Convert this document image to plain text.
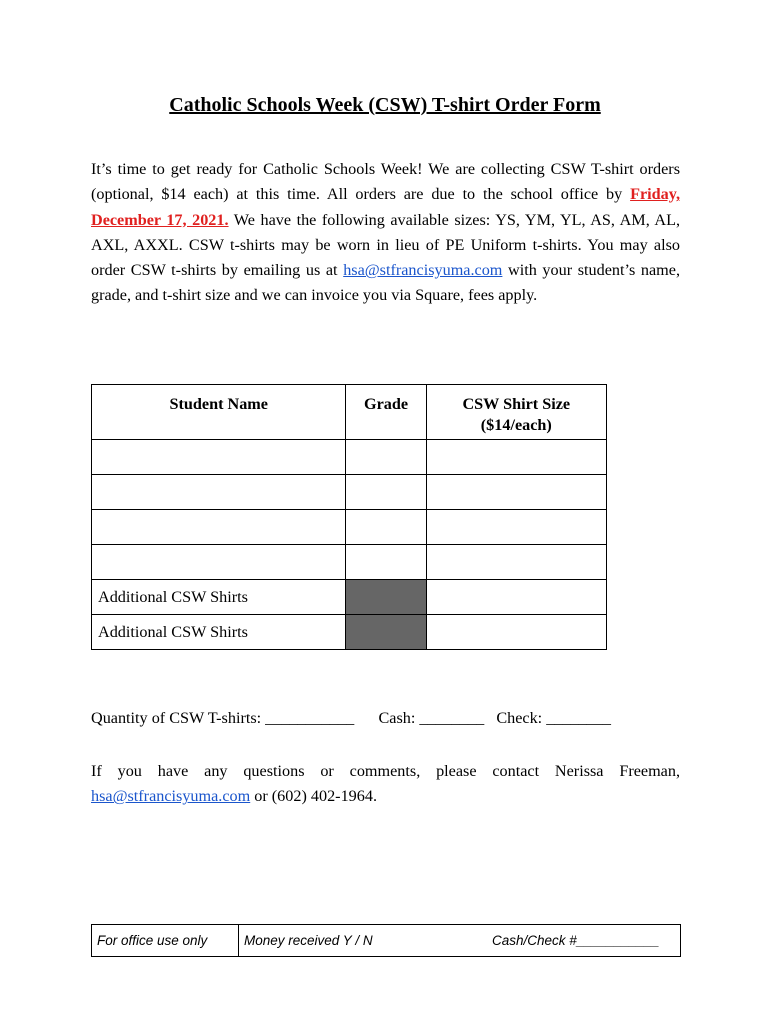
Catholic Schools Week (CSW) T-shirt Order Form

It’s time to get ready for Catholic Schools Week! We are collecting CSW T-shirt orders (optional, $14 each) at this time. All orders are due to the school office by Friday, December 17, 2021. We have the following available sizes: YS, YM, YL, AS, AM, AL, AXL, AXXL. CSW t-shirts may be worn in lieu of PE Uniform t-shirts. You may also order CSW t-shirts by emailing us at hsa@stfrancisyuma.com with your student’s name, grade, and t-shirt size and we can invoice you via Square, fees apply.

Student Name	Grade	CSW Shirt Size
($14/each)

Additional CSW Shirts		
Additional CSW Shirts		
Quantity of CSW T-shirts: ___________ Cash: ________ Check: ________

If you have any questions or comments, please contact Nerissa Freeman, hsa@stfrancisyuma.com or (602) 402-1964.

For office use only	Money received Y / N	Cash/Check #___________
